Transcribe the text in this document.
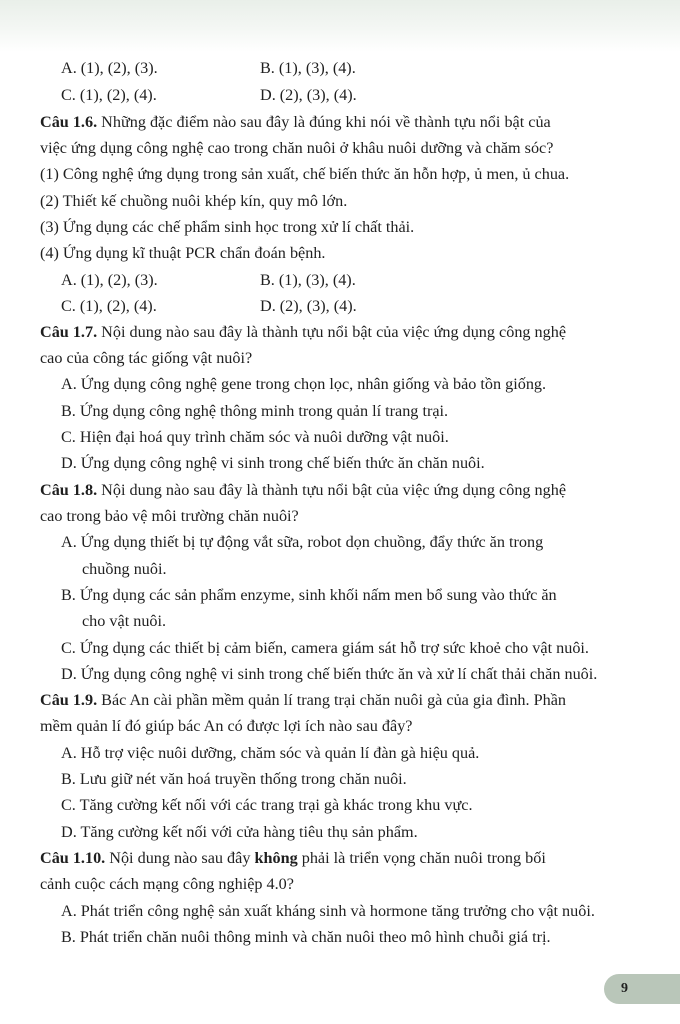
A. (1), (2), (3).	B. (1), (3), (4).
C. (1), (2), (4).	D. (2), (3), (4).
Câu 1.6. Những đặc điểm nào sau đây là đúng khi nói về thành tựu nổi bật của
việc ứng dụng công nghệ cao trong chăn nuôi ở khâu nuôi dưỡng và chăm sóc?
(1) Công nghệ ứng dụng trong sản xuất, chế biến thức ăn hỗn hợp, ủ men, ủ chua.
(2) Thiết kế chuồng nuôi khép kín, quy mô lớn.
(3) Ứng dụng các chế phẩm sinh học trong xử lí chất thải.
(4) Ứng dụng kĩ thuật PCR chẩn đoán bệnh.
A. (1), (2), (3).	B. (1), (3), (4).
C. (1), (2), (4).	D. (2), (3), (4).
Câu 1.7. Nội dung nào sau đây là thành tựu nổi bật của việc ứng dụng công nghệ
cao của công tác giống vật nuôi?
A. Ứng dụng công nghệ gene trong chọn lọc, nhân giống và bảo tồn giống.
B. Ứng dụng công nghệ thông minh trong quản lí trang trại.
C. Hiện đại hoá quy trình chăm sóc và nuôi dưỡng vật nuôi.
D. Ứng dụng công nghệ vi sinh trong chế biến thức ăn chăn nuôi.
Câu 1.8. Nội dung nào sau đây là thành tựu nổi bật của việc ứng dụng công nghệ
cao trong bảo vệ môi trường chăn nuôi?
A. Ứng dụng thiết bị tự động vắt sữa, robot dọn chuồng, đẩy thức ăn trong
chuồng nuôi.
B. Ứng dụng các sản phẩm enzyme, sinh khối nấm men bổ sung vào thức ăn
cho vật nuôi.
C. Ứng dụng các thiết bị cảm biến, camera giám sát hỗ trợ sức khoẻ cho vật nuôi.
D. Ứng dụng công nghệ vi sinh trong chế biến thức ăn và xử lí chất thải chăn nuôi.
Câu 1.9. Bác An cài phần mềm quản lí trang trại chăn nuôi gà của gia đình. Phần
mềm quản lí đó giúp bác An có được lợi ích nào sau đây?
A. Hỗ trợ việc nuôi dưỡng, chăm sóc và quản lí đàn gà hiệu quả.
B. Lưu giữ nét văn hoá truyền thống trong chăn nuôi.
C. Tăng cường kết nối với các trang trại gà khác trong khu vực.
D. Tăng cường kết nối với cửa hàng tiêu thụ sản phẩm.
Câu 1.10. Nội dung nào sau đây không phải là triển vọng chăn nuôi trong bối
cảnh cuộc cách mạng công nghiệp 4.0?
A. Phát triển công nghệ sản xuất kháng sinh và hormone tăng trưởng cho vật nuôi.
B. Phát triển chăn nuôi thông minh và chăn nuôi theo mô hình chuỗi giá trị.
9
